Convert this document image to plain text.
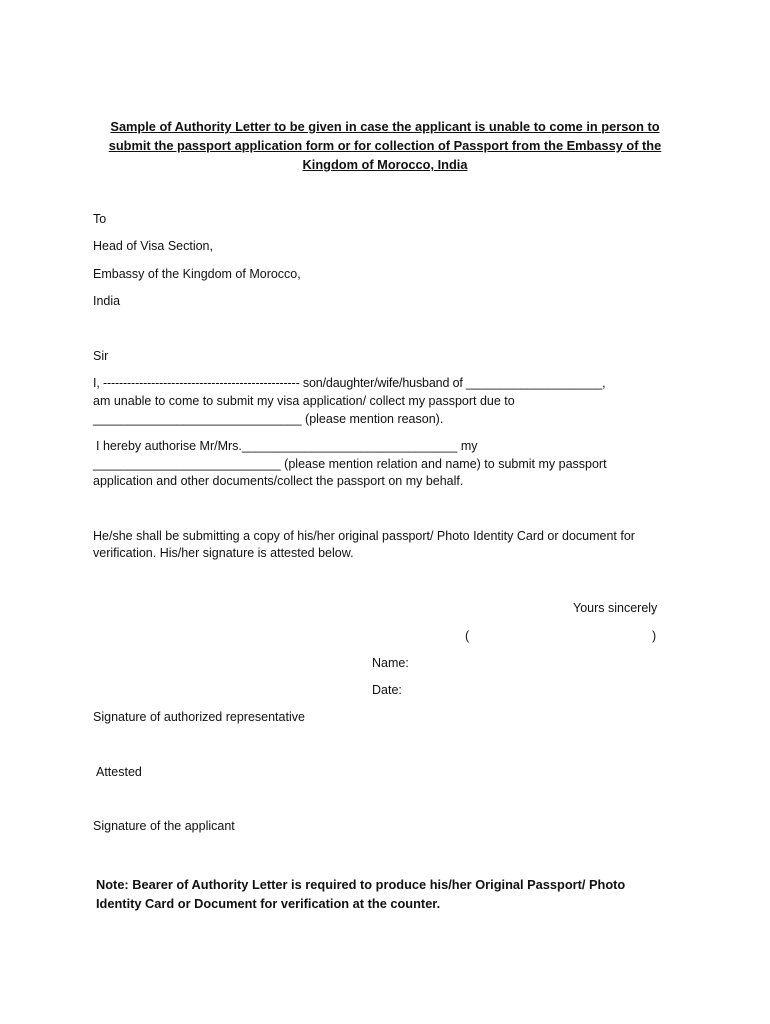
Sample of Authority Letter to be given in case the applicant is unable to come in person to
submit the passport application form or for collection of Passport from the Embassy of the
Kingdom of Morocco, India
To
Head of Visa Section,
Embassy of the Kingdom of Morocco,
India
Sir
I, ------------------------------------------------- son/daughter/wife/husband of ____________________,
am unable to come to submit my visa application/ collect my passport due to
______________________________ (please mention reason).
I hereby authorise Mr/Mrs._______________________________ my
___________________________ (please mention relation and name) to submit my passport
application and other documents/collect the passport on my behalf.
He/she shall be submitting a copy of his/her original passport/ Photo Identity Card or document for
verification. His/her signature is attested below.
Yours sincerely
(	)
Name:
Date:
Signature of authorized representative
Attested
Signature of the applicant
Note: Bearer of Authority Letter is required to produce his/her Original Passport/ Photo
Identity Card or Document for verification at the counter.
